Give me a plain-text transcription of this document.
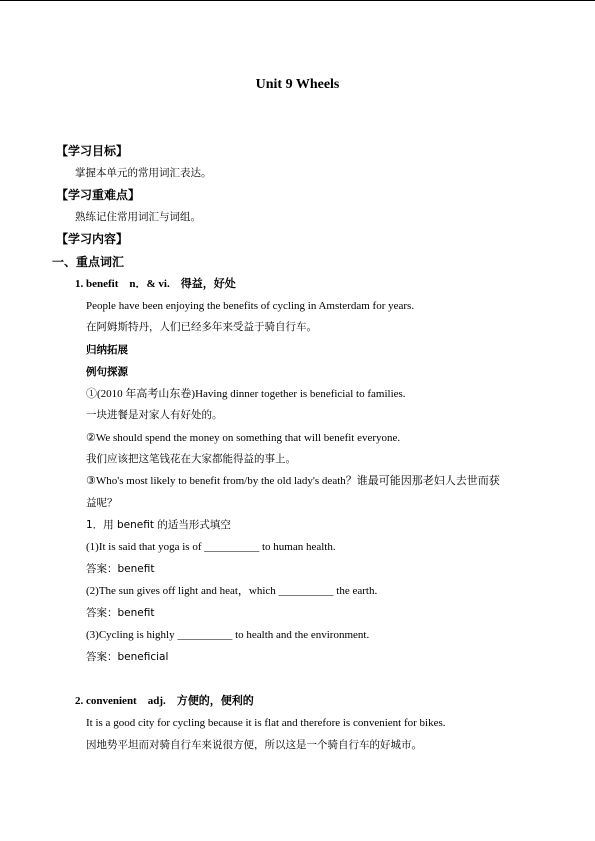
Unit 9 Wheels
【学习目标】
掌握本单元的常用词汇表达。
【学习重难点】
熟练记住常用词汇与词组。
【学习内容】
一、重点词汇
1. benefit　n．& vi.　得益，好处
People have been enjoying the benefits of cycling in Amsterdam for years.
在阿姆斯特丹，人们已经多年来受益于骑自行车。
归纳拓展
例句探源
①(2010 年高考山东卷)Having dinner together is beneficial to families.
一块进餐是对家人有好处的。
②We should spend the money on something that will benefit everyone.
我们应该把这笔钱花在大家都能得益的事上。
③Who's most likely to benefit from/by the old lady's death？谁最可能因那老妇人去世而获
益呢？
1．用 benefit 的适当形式填空
(1)It is said that yoga is of __________ to human health.
答案：benefit
(2)The sun gives off light and heat，which __________ the earth.
答案：benefit
(3)Cycling is highly __________ to health and the environment.
答案：beneficial
2. convenient　adj.　方便的，便利的
It is a good city for cycling because it is flat and therefore is convenient for bikes.
因地势平坦而对骑自行车来说很方便，所以这是一个骑自行车的好城市。
